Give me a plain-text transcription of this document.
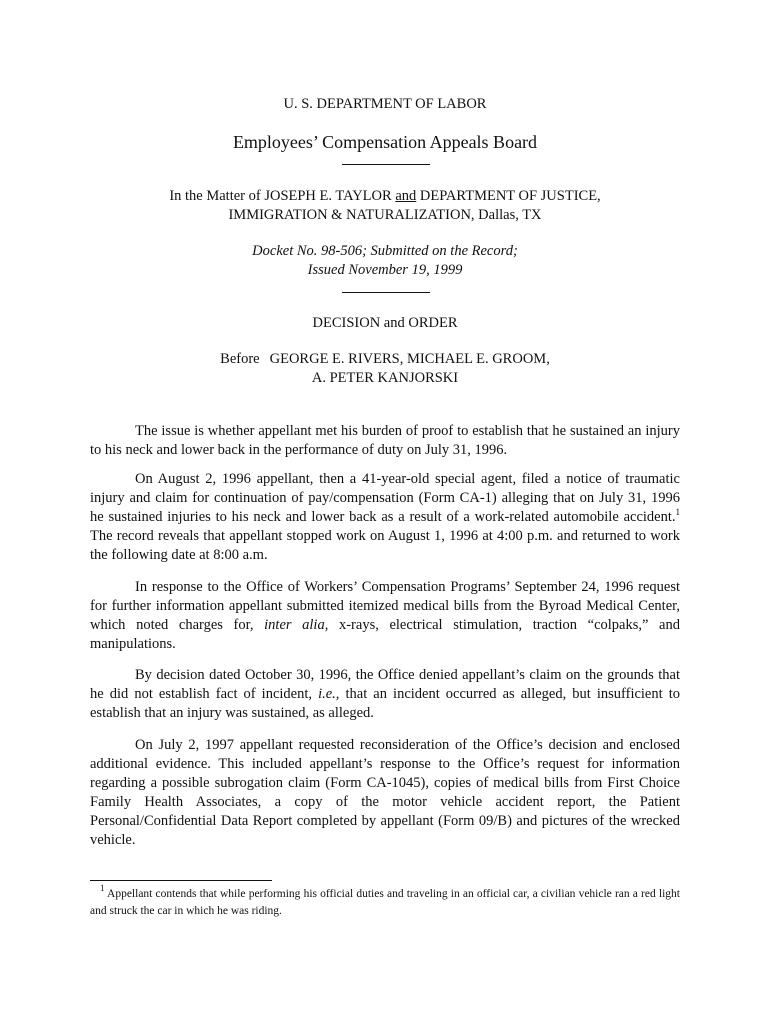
U. S. DEPARTMENT OF LABOR
Employees’ Compensation Appeals Board
In the Matter of JOSEPH E. TAYLOR and DEPARTMENT OF JUSTICE,
IMMIGRATION & NATURALIZATION, Dallas, TX
Docket No. 98-506; Submitted on the Record;
Issued November 19, 1999
DECISION and ORDER
Before GEORGE E. RIVERS, MICHAEL E. GROOM,
A. PETER KANJORSKI

The issue is whether appellant met his burden of proof to establish that he sustained an injury to his neck and lower back in the performance of duty on July 31, 1996.

On August 2, 1996 appellant, then a 41-year-old special agent, filed a notice of traumatic injury and claim for continuation of pay/compensation (Form CA-1) alleging that on July 31, 1996 he sustained injuries to his neck and lower back as a result of a work-related automobile accident.$^1$ The record reveals that appellant stopped work on August 1, 1996 at 4:00 p.m. and returned to work the following date at 8:00 a.m.

In response to the Office of Workers’ Compensation Programs’ September 24, 1996 request for further information appellant submitted itemized medical bills from the Byroad Medical Center, which noted charges for, inter alia, x-rays, electrical stimulation, traction “colpaks,” and manipulations.

By decision dated October 30, 1996, the Office denied appellant’s claim on the grounds that he did not establish fact of incident, i.e., that an incident occurred as alleged, but insufficient to establish that an injury was sustained, as alleged.

On July 2, 1997 appellant requested reconsideration of the Office’s decision and enclosed additional evidence. This included appellant’s response to the Office’s request for information regarding a possible subrogation claim (Form CA-1045), copies of medical bills from First Choice Family Health Associates, a copy of the motor vehicle accident report, the Patient Personal/Confidential Data Report completed by appellant (Form 09/B) and pictures of the wrecked vehicle.

$^1$ Appellant contends that while performing his official duties and traveling in an official car, a civilian vehicle ran a red light and struck the car in which he was riding.
